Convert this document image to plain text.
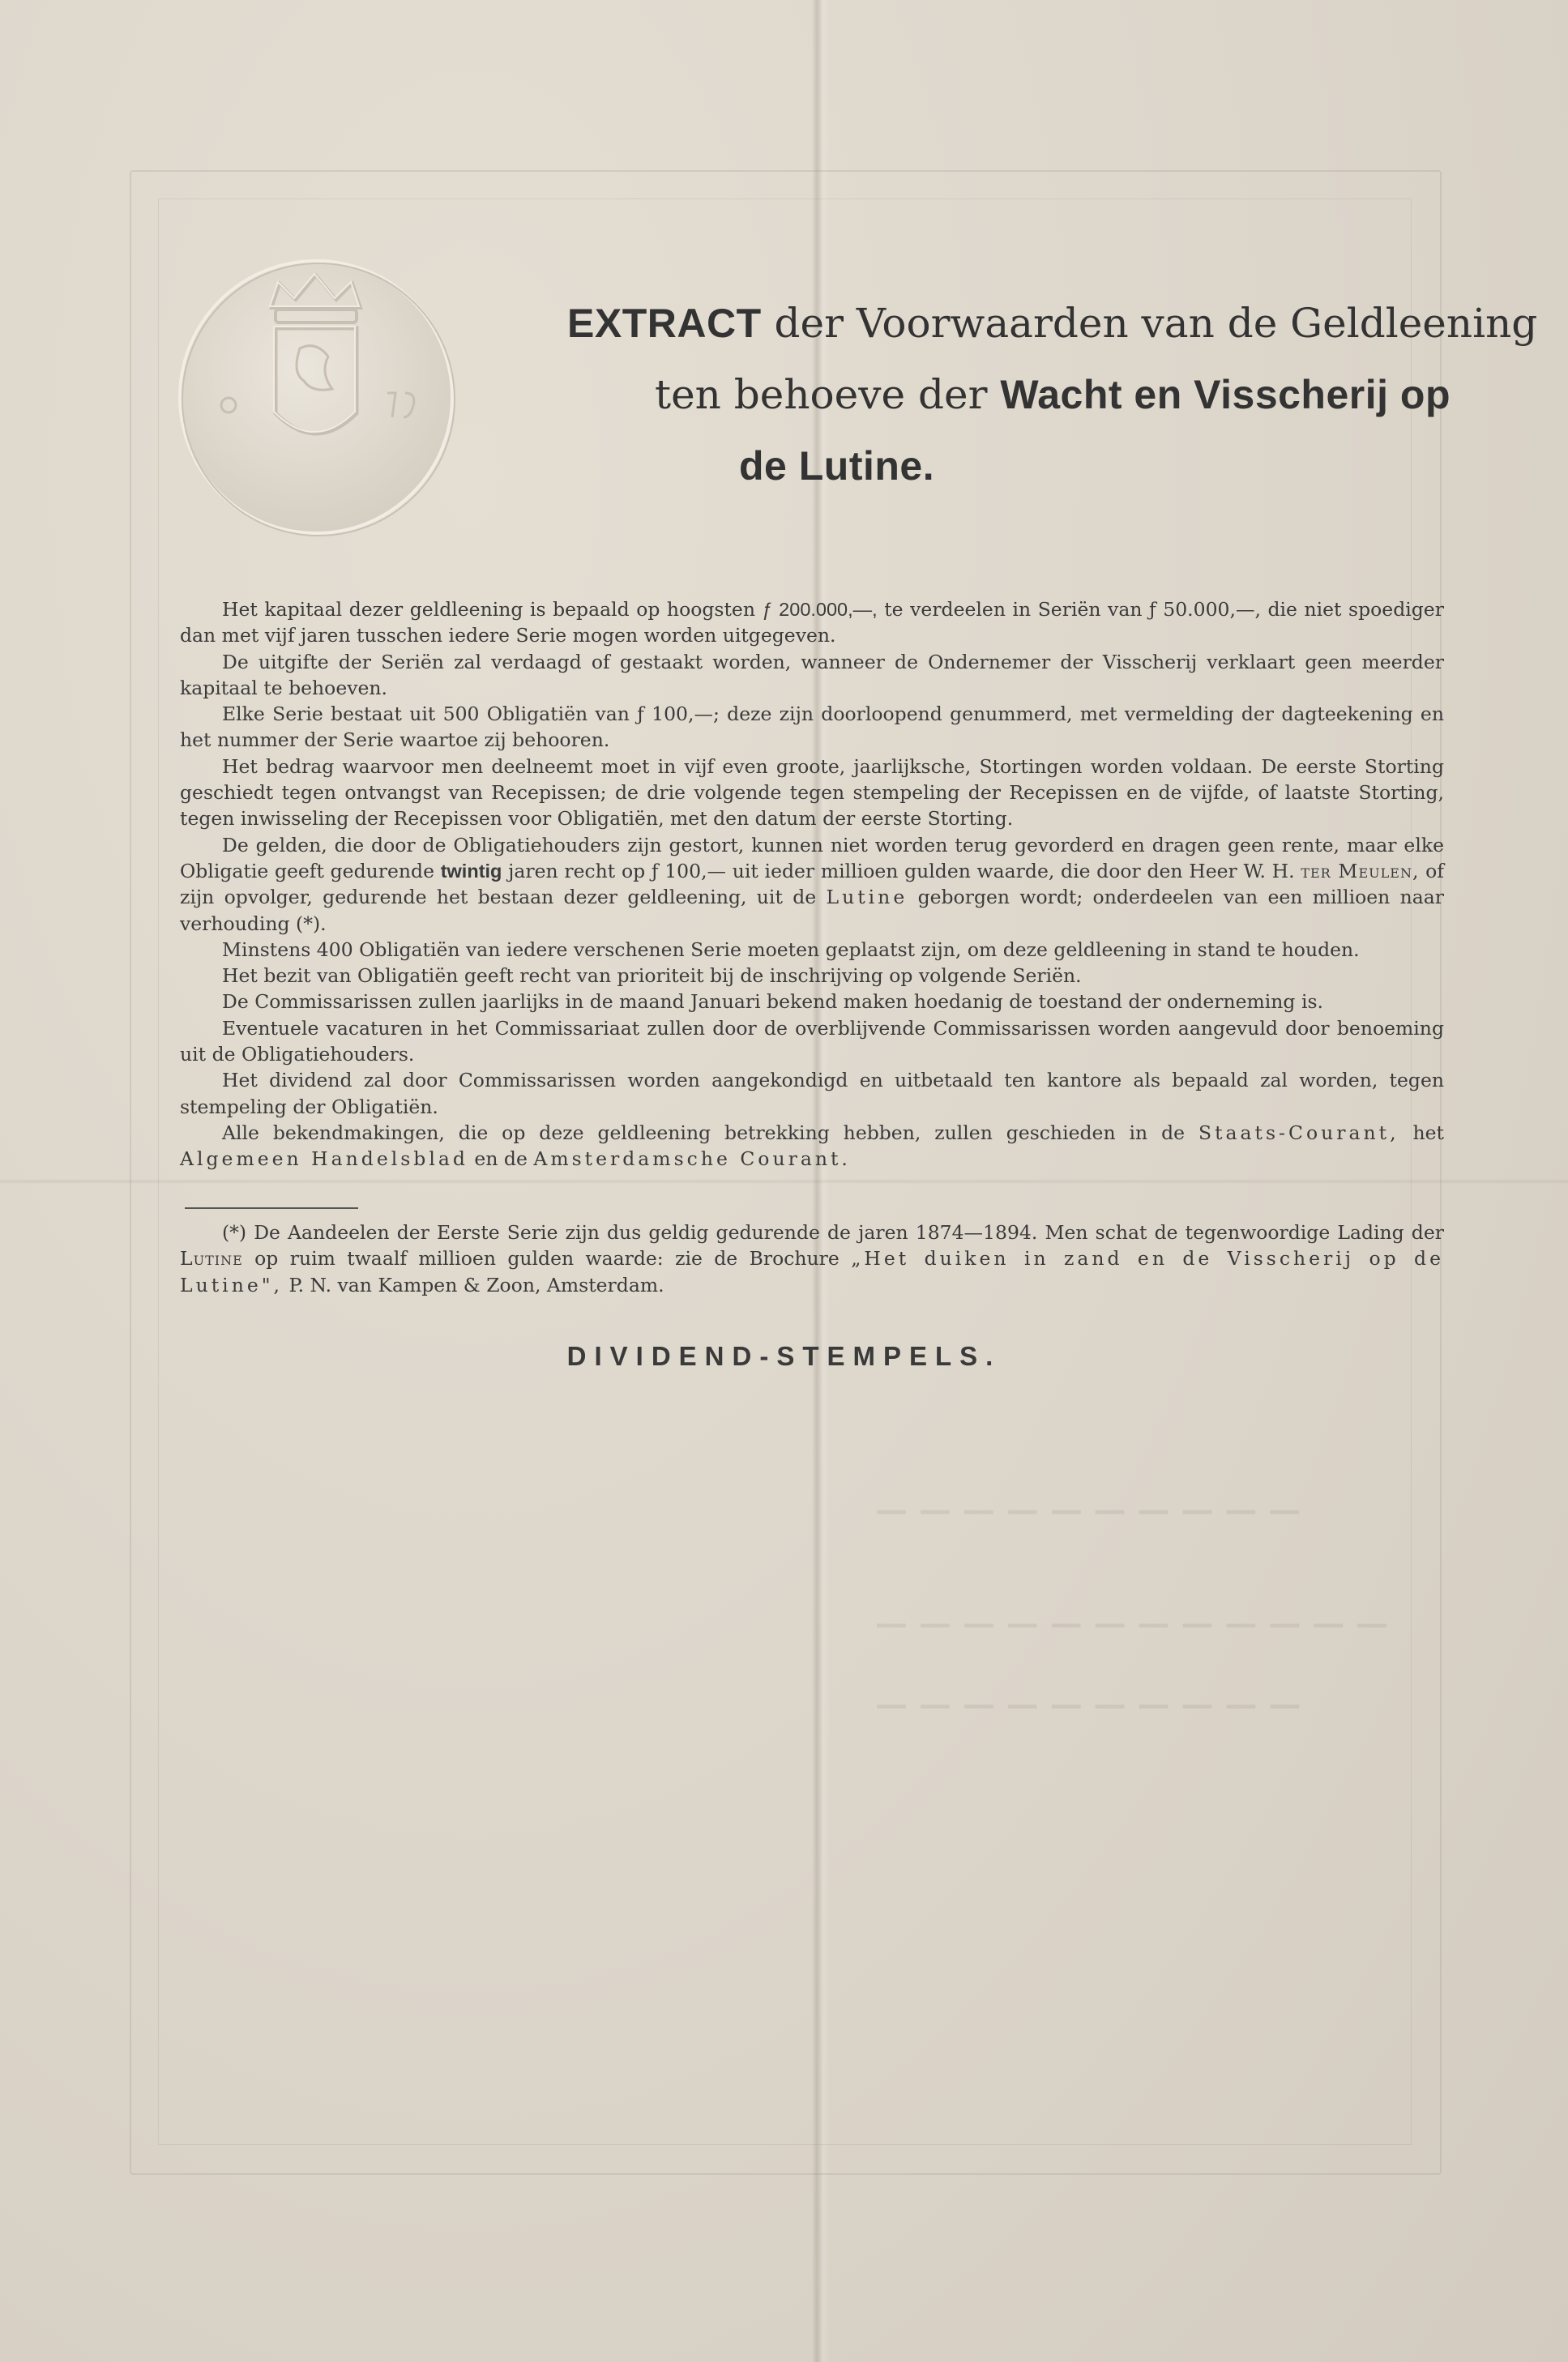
— — — — — — — — — —
— — — — — — — — — — — —
— — — — — — — — — —
EXTRACT der Voorwaarden van de Geldleening
ten behoeve der Wacht en Visscherij op
de Lutine.

Het kapitaal dezer geldleening is bepaald op hoogsten ƒ 200.000,—, te verdeelen in Seriën van ƒ 50.000,—, die niet spoediger dan met vijf jaren tusschen iedere Serie mogen worden uitgegeven.

De uitgifte der Seriën zal verdaagd of gestaakt worden, wanneer de Ondernemer der Visscherij verklaart geen meerder kapitaal te behoeven.

Elke Serie bestaat uit 500 Obligatiën van ƒ 100,—; deze zijn doorloopend genummerd, met vermelding der dagteekening en het nummer der Serie waartoe zij behooren.

Het bedrag waarvoor men deelneemt moet in vijf even groote, jaarlijksche, Stortingen worden voldaan. De eerste Storting geschiedt tegen ontvangst van Recepissen; de drie volgende tegen stempeling der Recepissen en de vijfde, of laatste Storting, tegen inwisseling der Recepissen voor Obligatiën, met den datum der eerste Storting.

De gelden, die door de Obligatiehouders zijn gestort, kunnen niet worden terug gevorderd en dragen geen rente, maar elke Obligatie geeft gedurende twintig jaren recht op ƒ 100,— uit ieder millioen gulden waarde, die door den Heer W. H. ter Meulen, of zijn opvolger, gedurende het bestaan dezer geldleening, uit de Lutine geborgen wordt; onderdeelen van een millioen naar verhouding (*).

Minstens 400 Obligatiën van iedere verschenen Serie moeten geplaatst zijn, om deze geldleening in stand te houden.

Het bezit van Obligatiën geeft recht van prioriteit bij de inschrijving op volgende Seriën.

De Commissarissen zullen jaarlijks in de maand Januari bekend maken hoedanig de toestand der onderneming is.

Eventuele vacaturen in het Commissariaat zullen door de overblijvende Commissarissen worden aangevuld door benoeming uit de Obligatiehouders.

Het dividend zal door Commissarissen worden aangekondigd en uitbetaald ten kantore als bepaald zal worden, tegen stempeling der Obligatiën.

Alle bekendmakingen, die op deze geldleening betrekking hebben, zullen geschieden in de Staats-Courant, het Algemeen Handelsblad en de Amsterdamsche Courant.

(*) De Aandeelen der Eerste Serie zijn dus geldig gedurende de jaren 1874—1894. Men schat de tegenwoordige Lading der Lutine op ruim twaalf millioen gulden waarde: zie de Brochure „Het duiken in zand en de Visscherij op de Lutine", P. N. van Kampen & Zoon, Amsterdam.

DIVIDEND-STEMPELS.
